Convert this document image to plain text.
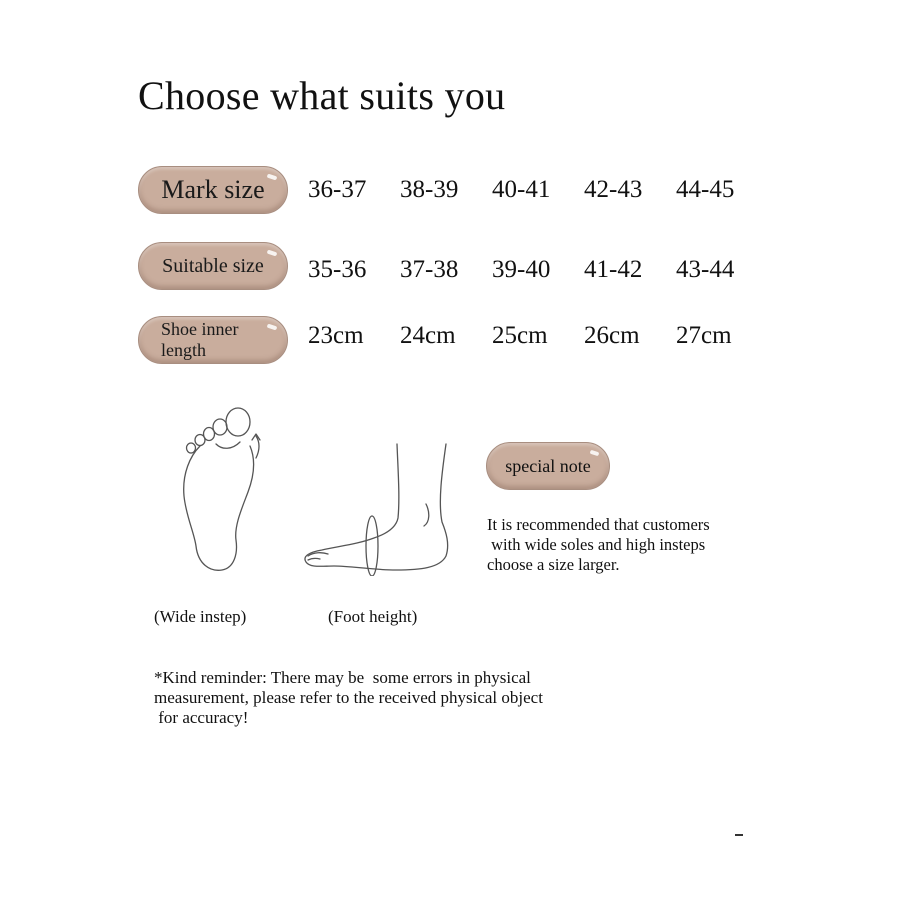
Choose what suits you
Mark size	36-37	38-39	40-41	42-43	44-45
Suitable size	35-36	37-38	39-40	41-42	43-44
Shoe inner
length
23cm	24cm	25cm	26cm	27cm
(Wide instep)	(Foot height)
special note
It is recommended that customers
with wide soles and high insteps
choose a size larger.
*Kind reminder: There may be  some errors in physical
measurement, please refer to the received physical object
for accuracy!
